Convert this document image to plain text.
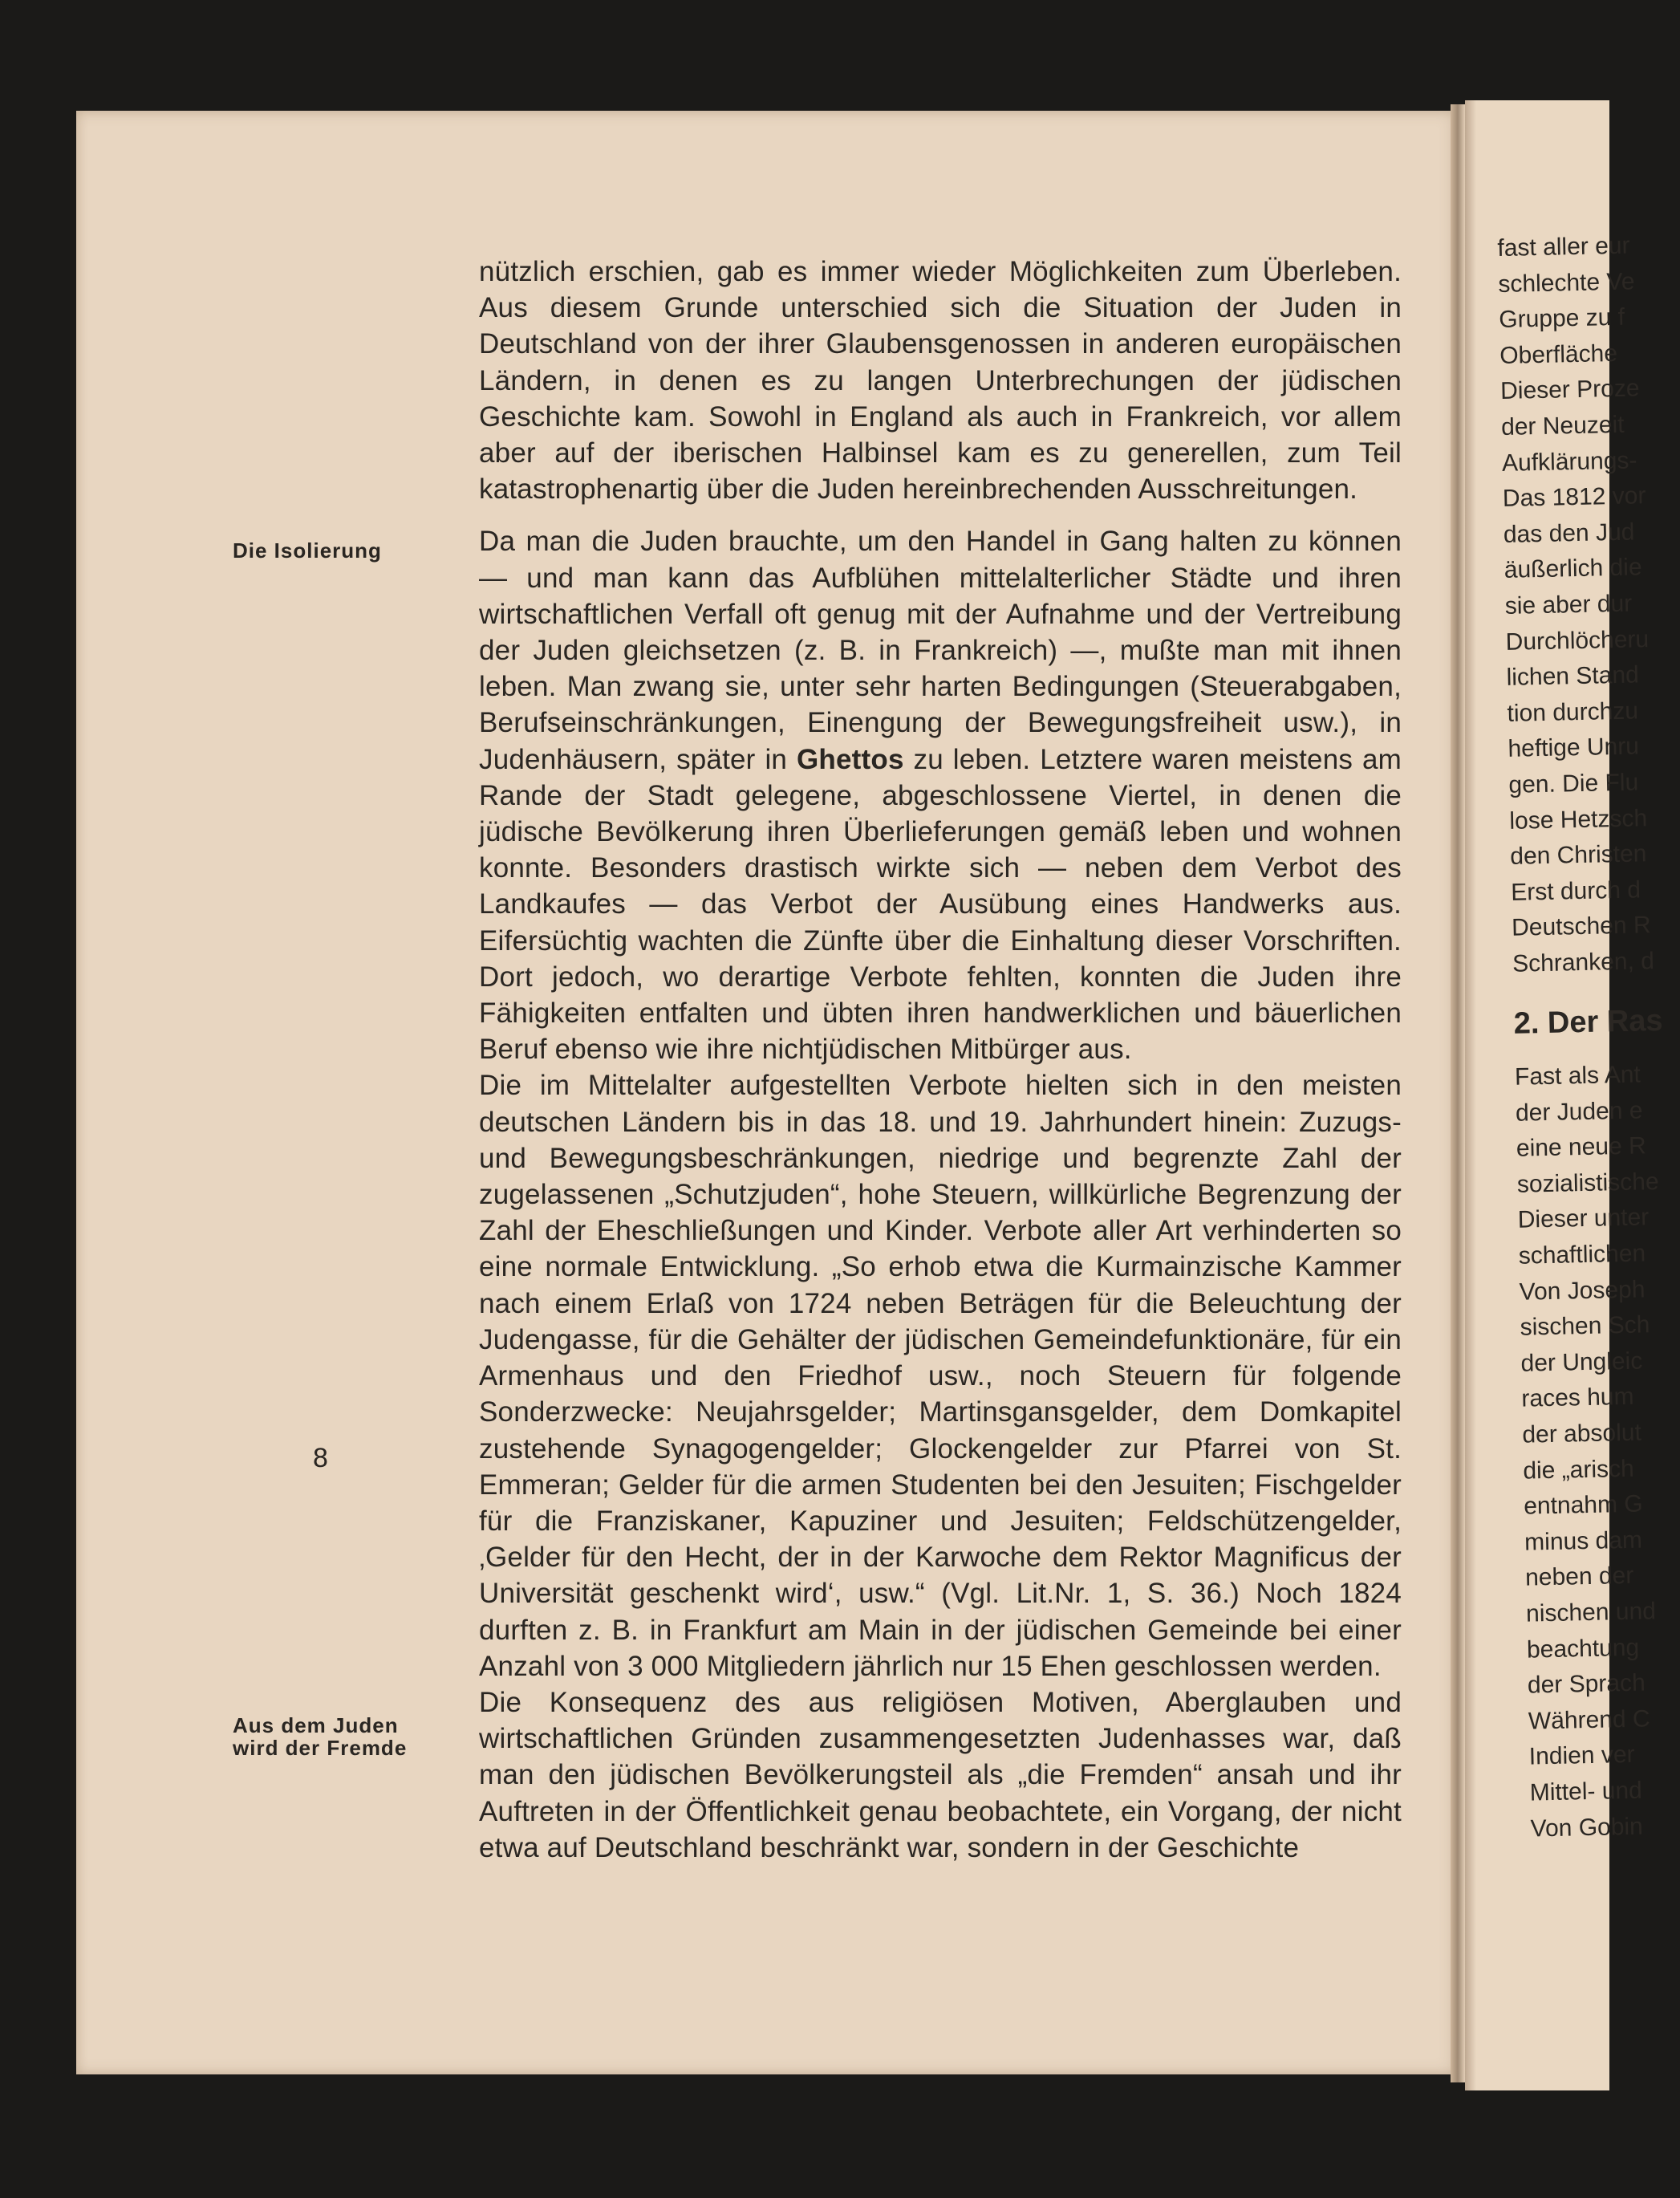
Die Isolierung
Aus dem Juden
wird der Fremde

nützlich erschien, gab es immer wieder Möglichkeiten zum Überleben. Aus diesem Grunde unterschied sich die Situation der Juden in Deutschland von der ihrer Glaubensgenossen in anderen europäischen Ländern, in denen es zu langen Unterbrechungen der jüdischen Geschichte kam. Sowohl in England als auch in Frankreich, vor allem aber auf der iberischen Halbinsel kam es zu generellen, zum Teil katastrophenartig über die Juden hereinbrechenden Ausschreitungen.

Da man die Juden brauchte, um den Handel in Gang halten zu können — und man kann das Aufblühen mittelalterlicher Städte und ihren wirtschaftlichen Verfall oft genug mit der Aufnahme und der Vertreibung der Juden gleichsetzen (z. B. in Frankreich) —, mußte man mit ihnen leben. Man zwang sie, unter sehr harten Bedingungen (Steuerabgaben, Berufseinschränkungen, Einengung der Bewegungsfreiheit usw.), in Judenhäusern, später in Ghettos zu leben. Letztere waren meistens am Rande der Stadt gelegene, abgeschlossene Viertel, in denen die jüdische Bevölkerung ihren Überlieferungen gemäß leben und wohnen konnte. Besonders drastisch wirkte sich — neben dem Verbot des Landkaufes — das Verbot der Ausübung eines Handwerks aus. Eifersüchtig wachten die Zünfte über die Einhaltung dieser Vorschriften. Dort jedoch, wo derartige Verbote fehlten, konnten die Juden ihre Fähigkeiten entfalten und übten ihren handwerklichen und bäuerlichen Beruf ebenso wie ihre nichtjüdischen Mitbürger aus.

Die im Mittelalter aufgestellten Verbote hielten sich in den meisten deutschen Ländern bis in das 18. und 19. Jahrhundert hinein: Zuzugs- und Bewegungsbeschränkungen, niedrige und begrenzte Zahl der zugelassenen „Schutzjuden“, hohe Steuern, willkürliche Begrenzung der Zahl der Eheschließungen und Kinder. Verbote aller Art verhinderten so eine normale Entwicklung. „So erhob etwa die Kurmainzische Kammer nach einem Erlaß von 1724 neben Beträgen für die Beleuchtung der Judengasse, für die Gehälter der jüdischen Gemeindefunktionäre, für ein Armenhaus und den Friedhof usw., noch Steuern für folgende Sonderzwecke: Neujahrsgelder; Martinsgansgelder, dem Domkapitel zustehende Synagogengelder; Glockengelder zur Pfarrei von St. Emmeran; Gelder für die armen Studenten bei den Jesuiten; Fischgelder für die Franziskaner, Kapuziner und Jesuiten; Feldschützengelder, ‚Gelder für den Hecht, der in der Karwoche dem Rektor Magnificus der Universität geschenkt wird‘, usw.“ (Vgl. Lit.Nr. 1, S. 36.) Noch 1824 durften z. B. in Frankfurt am Main in der jüdischen Gemeinde bei einer Anzahl von 3 000 Mitgliedern jährlich nur 15 Ehen geschlossen werden.

Die Konsequenz des aus religiösen Motiven, Aberglauben und wirtschaftlichen Gründen zusammengesetzten Judenhasses war, daß man den jüdischen Bevölkerungsteil als „die Fremden“ ansah und ihr Auftreten in der Öffentlichkeit genau beobachtete, ein Vorgang, der nicht etwa auf Deutschland beschränkt war, sondern in der Geschichte

8
fast aller eur
schlechte Ve
Gruppe zu f
Oberfläche
Dieser Proze
der Neuzeit
Aufklärungs-
Das 1812 vor
das den Jud
äußerlich die
sie aber dur
Durchlöcheru
lichen Stand
tion durchzu
heftige Unru
gen. Die Flu
lose Hetzsch
den Christen
Erst durch d
Deutschen R
Schranken, d
2. Der Ras
Fast als Ant
der Juden e
eine neue R
sozialistische
Dieser unter
schaftlichen
Von Joseph
sischen Sch
der Ungleic
races hum
der absolut
die „arisch
entnahm G
minus dam
neben der
nischen und
beachtung
der Sprach
Während C
Indien ver
Mittel- und
Von Gobin
